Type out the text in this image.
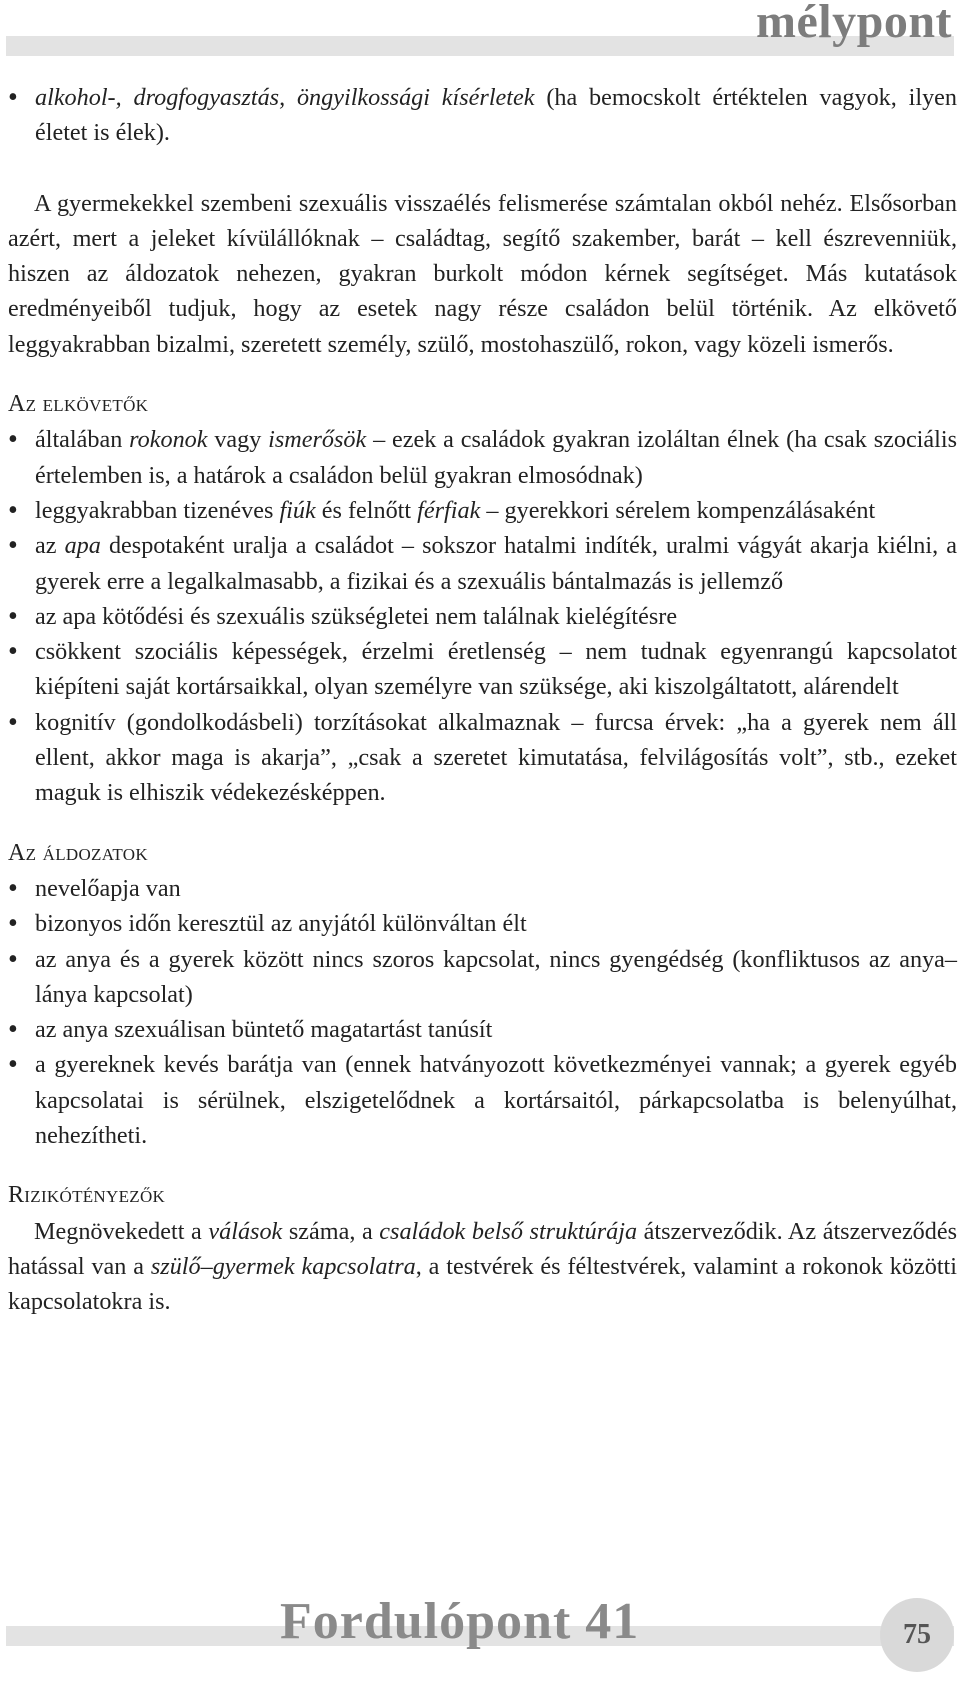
mélypont
• alkohol-, drogfogyasztás, öngyilkossági kísérletek (ha bemocskolt értéktelen vagyok, ilyen életet is élek).

A gyermekekkel szembeni szexuális visszaélés felismerése számtalan okból nehéz. Elsősorban azért, mert a jeleket kívülállóknak – családtag, segítő szakember, barát – kell észrevenniük, hiszen az áldozatok nehezen, gyakran burkolt módon kérnek segítséget. Más kutatások eredményeiből tudjuk, hogy az esetek nagy része családon belül történik. Az elkövető leggyakrabban bizalmi, szeretett személy, szülő, mostohaszülő, rokon, vagy közeli ismerős.

Az elkövetők
• általában rokonok vagy ismerősök – ezek a családok gyakran izoláltan élnek (ha csak szociális értelemben is, a határok a családon belül gyakran elmosódnak)
• leggyakrabban tizenéves fiúk és felnőtt férfiak – gyerekkori sérelem kompenzálásaként
• az apa despotaként uralja a családot – sokszor hatalmi indíték, uralmi vágyát akarja kiélni, a gyerek erre a legalkalmasabb, a fizikai és a szexuális bántalmazás is jellemző
• az apa kötődési és szexuális szükségletei nem találnak kielégítésre
• csökkent szociális képességek, érzelmi éretlenség – nem tudnak egyenrangú kapcsolatot kiépíteni saját kortársaikkal, olyan személyre van szüksége, aki kiszolgáltatott, alárendelt
• kognitív (gondolkodásbeli) torzításokat alkalmaznak – furcsa érvek: „ha a gyerek nem áll ellent, akkor maga is akarja”, „csak a szeretet kimutatása, felvilágosítás volt”, stb., ezeket maguk is elhiszik védekezésképpen.
Az áldozatok
• nevelőapja van
• bizonyos időn keresztül az anyjától különváltan élt
• az anya és a gyerek között nincs szoros kapcsolat, nincs gyengédség (konfliktusos az anya–lánya kapcsolat)
• az anya szexuálisan büntető magatartást tanúsít
• a gyereknek kevés barátja van (ennek hatványozott következményei vannak; a gyerek egyéb kapcsolatai is sérülnek, elszigetelődnek a kortársaitól, párkapcsolatba is belenyúlhat, nehezítheti.
Rizikótényezők

Megnövekedett a válások száma, a családok belső struktúrája átszerveződik. Az átszerveződés hatással van a szülő–gyermek kapcsolatra, a testvérek és féltestvérek, valamint a rokonok közötti kapcsolatokra is.

Fordulópont 41	75
